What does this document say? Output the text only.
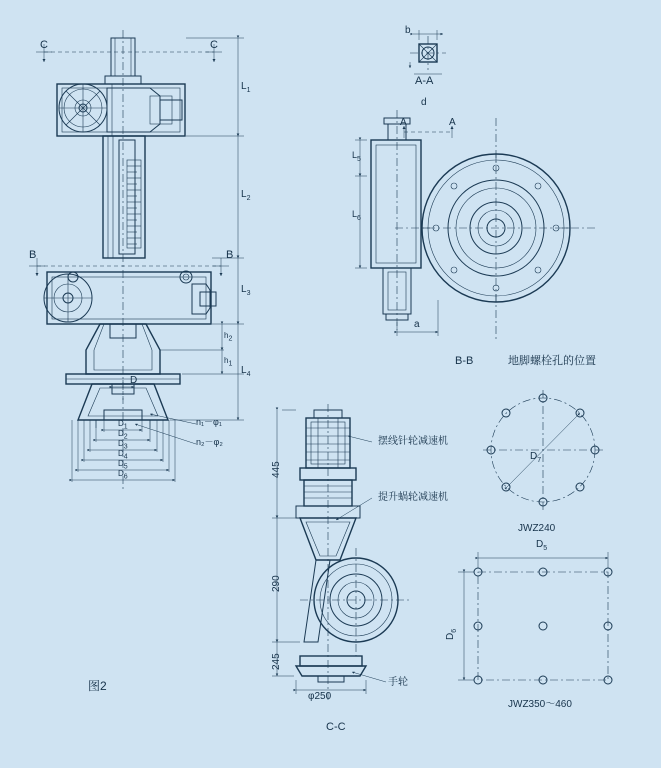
C	C
B	B
$L_1$
$L_2$
$L_3$
$L_4$
h2
h1
D
D1
D2
D3
D4
D5
D6
n₁－φ₁
n₂－φ₂
图2
b
d
A-A
A	A
$L_5$
$L_6$
a
B-B
445
290
245
φ250
C-C
摆线针轮减速机
提升蜗轮减速机
手轮
地脚螺栓孔的位置
$D_7$
JWZ240
$D_5$
$D_6$
JWZ350～460
